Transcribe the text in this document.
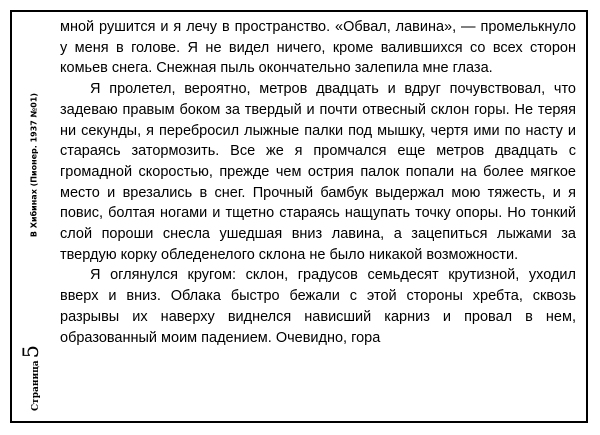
В Хибинах (Пионер. 1937 №01)
Страница
5

мной рушится и я лечу в пространство. «Обвал, лавина», — промелькнуло у меня в голове. Я не видел ничего, кроме валившихся со всех сторон комьев снега. Снежная пыль окончательно залепила мне глаза.

Я пролетел, вероятно, метров двадцать и вдруг почувствовал, что задеваю правым боком за твердый и почти отвесный склон горы. Не теряя ни секунды, я перебросил лыжные палки под мышку, чертя ими по насту и стараясь затормозить. Все же я промчался еще метров двадцать с громадной скоростью, прежде чем острия палок попали на более мягкое место и врезались в снег. Прочный бамбук выдержал мою тяжесть, и я повис, болтая ногами и тщетно стараясь нащупать точку опоры. Но тонкий слой пороши снесла ушедшая вниз лавина, а зацепиться лыжами за твердую корку обледенелого склона не было никакой возможности.

Я оглянулся кругом: склон, градусов семьдесят крутизной, уходил вверх и вниз. Облака быстро бежали с этой стороны хребта, сквозь разрывы их наверху виднелся нависший карниз и провал в нем, образованный моим падением. Очевидно, гора
